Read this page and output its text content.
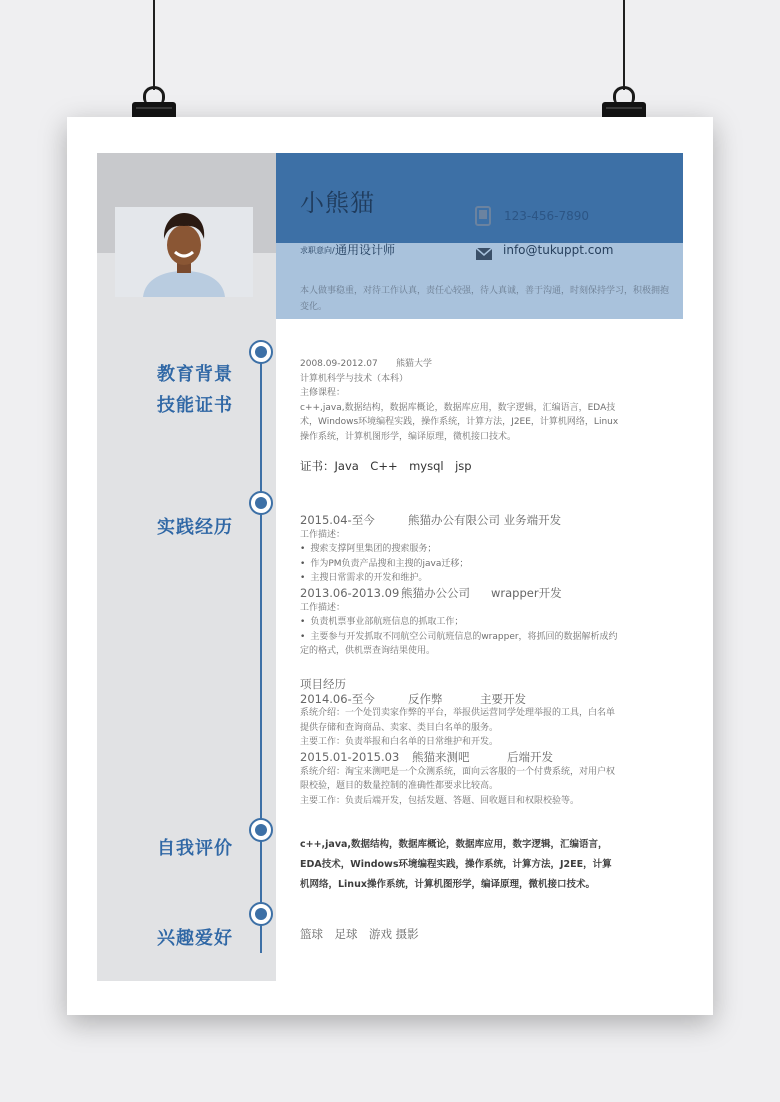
小熊猫
求职意向/ 通用设计师
123-456-7890
info@tukuppt.com
本人做事稳重，对待工作认真，责任心较强，待人真诚，善于沟通，时刻保持学习，积极拥抱变化。
教育背景
技能证书
实践经历
自我评价
兴趣爱好
2008.09-2012.07 熊猫大学
计算机科学与技术（本科）
主修课程：
c++,java,数据结构，数据库概论，数据库应用，数字逻辑，汇编语言，EDA技术，Windows环境编程实践，操作系统，计算方法，J2EE，计算机网络，Linux操作系统，计算机图形学，编译原理，微机接口技术。
证书：Java　C++　mysql　jsp
2015.04-至今	熊猫办公有限公司 业务端开发
工作描述：
• 搜索支撑阿里集团的搜索服务；
• 作为PM负责产品搜和主搜的java迁移；
• 主搜日常需求的开发和维护。
2013.06-2013.09 熊猫办公公司 wrapper开发
工作描述：
• 负责机票事业部航班信息的抓取工作；
• 主要参与开发抓取不同航空公司航班信息的wrapper，将抓回的数据解析成约定的格式，供机票查询结果使用。
项目经历
2014.06-至今	反作弊	主要开发
系统介绍：一个处罚卖家作弊的平台，举报供运营同学处理举报的工具，白名单提供存储和查询商品、卖家、类目白名单的服务。
主要工作：负责举报和白名单的日常维护和开发。
2015.01-2015.03 熊猫来测吧	后端开发
系统介绍：淘宝来测吧是一个众测系统，面向云客服的一个付费系统，对用户权限校验，题目的数量控制的准确性都要求比较高。
主要工作：负责后端开发，包括发题、答题、回收题目和权限校验等。
c++,java,数据结构，数据库概论，数据库应用，数字逻辑，汇编语言，EDA技术，Windows环境编程实践，操作系统，计算方法，J2EE，计算机网络，Linux操作系统，计算机图形学，编译原理，微机接口技术。
篮球　足球　游戏 摄影
